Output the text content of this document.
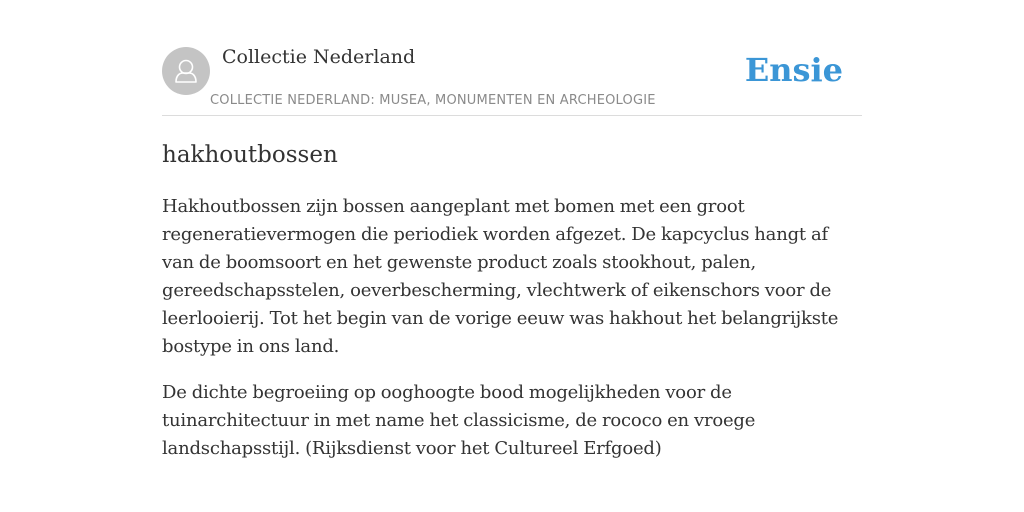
Collectie Nederland
COLLECTIE NEDERLAND: MUSEA, MONUMENTEN EN ARCHEOLOGIE
Ensie
hakhoutbossen

Hakhoutbossen zijn bossen aangeplant met bomen met een groot regeneratievermogen die periodiek worden afgezet. De kapcyclus hangt af van de boomsoort en het gewenste product zoals stookhout, palen, gereedschapsstelen, oeverbescherming, vlechtwerk of eikenschors voor de leerlooierij. Tot het begin van de vorige eeuw was hakhout het belangrijkste bostype in ons land.

De dichte begroeiing op ooghoogte bood mogelijkheden voor de tuinarchitectuur in met name het classicisme, de rococo en vroege landschapsstijl. (Rijksdienst voor het Cultureel Erfgoed)
